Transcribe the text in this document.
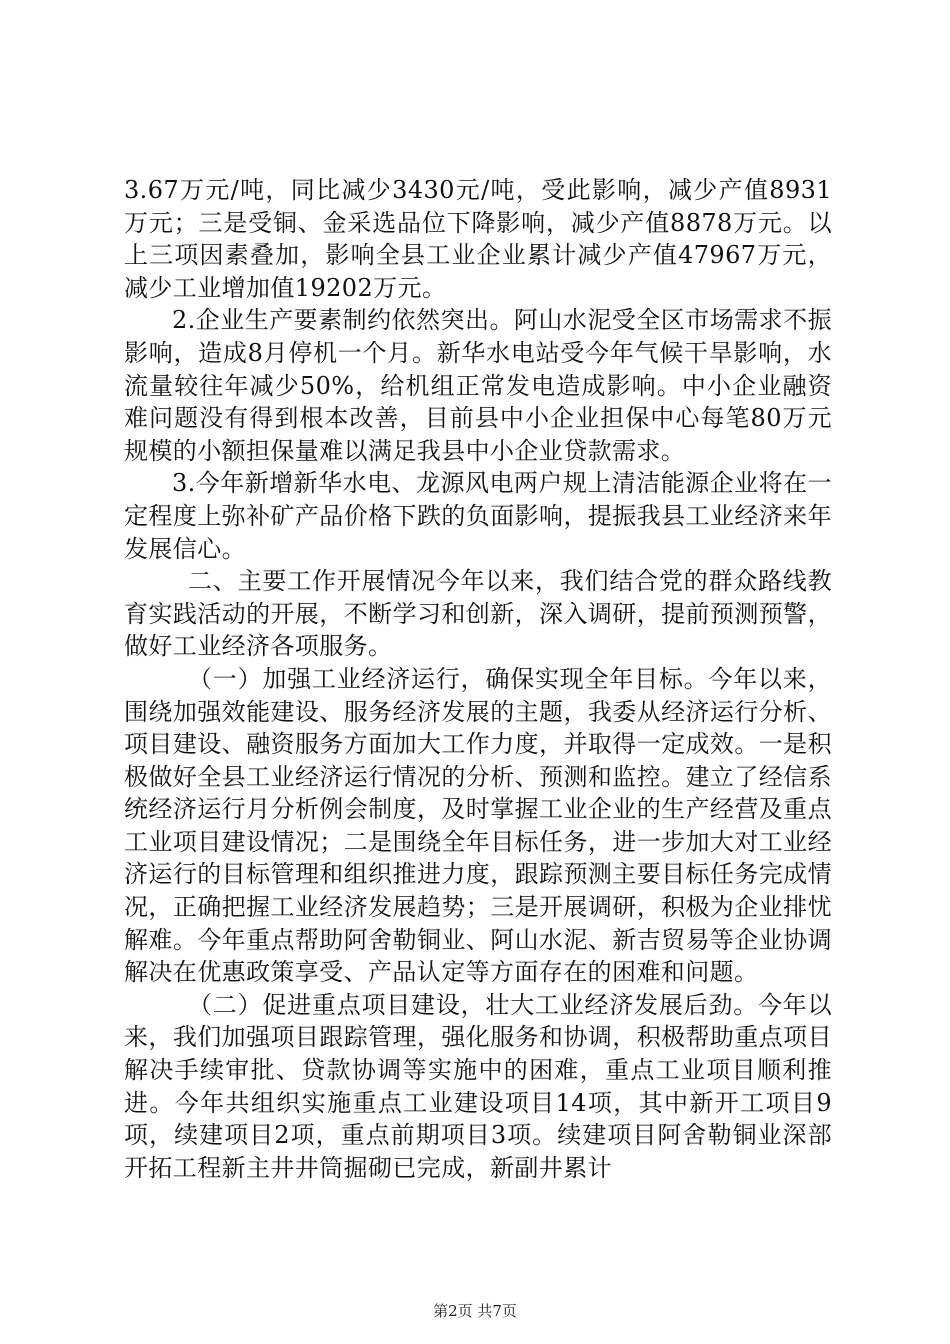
3.67万元/吨，同比减少3430元/吨，受此影响，减少产值8931万元；三是受铜、金采选品位下降影响，减少产值8878万元。以上三项因素叠加，影响全县工业企业累计减少产值47967万元，减少工业增加值19202万元。

2.企业生产要素制约依然突出。阿山水泥受全区市场需求不振影响，造成8月停机一个月。新华水电站受今年气候干旱影响，水流量较往年减少50%，给机组正常发电造成影响。中小企业融资难问题没有得到根本改善，目前县中小企业担保中心每笔80万元规模的小额担保量难以满足我县中小企业贷款需求。

3.今年新增新华水电、龙源风电两户规上清洁能源企业将在一定程度上弥补矿产品价格下跌的负面影响，提振我县工业经济来年发展信心。

二、主要工作开展情况今年以来，我们结合党的群众路线教育实践活动的开展，不断学习和创新，深入调研，提前预测预警，做好工业经济各项服务。

（一）加强工业经济运行，确保实现全年目标。今年以来，围绕加强效能建设、服务经济发展的主题，我委从经济运行分析、项目建设、融资服务方面加大工作力度，并取得一定成效。一是积极做好全县工业经济运行情况的分析、预测和监控。建立了经信系统经济运行月分析例会制度，及时掌握工业企业的生产经营及重点工业项目建设情况；二是围绕全年目标任务，进一步加大对工业经济运行的目标管理和组织推进力度，跟踪预测主要目标任务完成情况，正确把握工业经济发展趋势；三是开展调研，积极为企业排忧解难。今年重点帮助阿舍勒铜业、阿山水泥、新吉贸易等企业协调解决在优惠政策享受、产品认定等方面存在的困难和问题。

（二）促进重点项目建设，壮大工业经济发展后劲。今年以来，我们加强项目跟踪管理，强化服务和协调，积极帮助重点项目解决手续审批、贷款协调等实施中的困难，重点工业项目顺利推进。今年共组织实施重点工业建设项目14项，其中新开工项目9项，续建项目2项，重点前期项目3项。续建项目阿舍勒铜业深部开拓工程新主井井筒掘砌已完成，新副井累计

第2页 共7页
